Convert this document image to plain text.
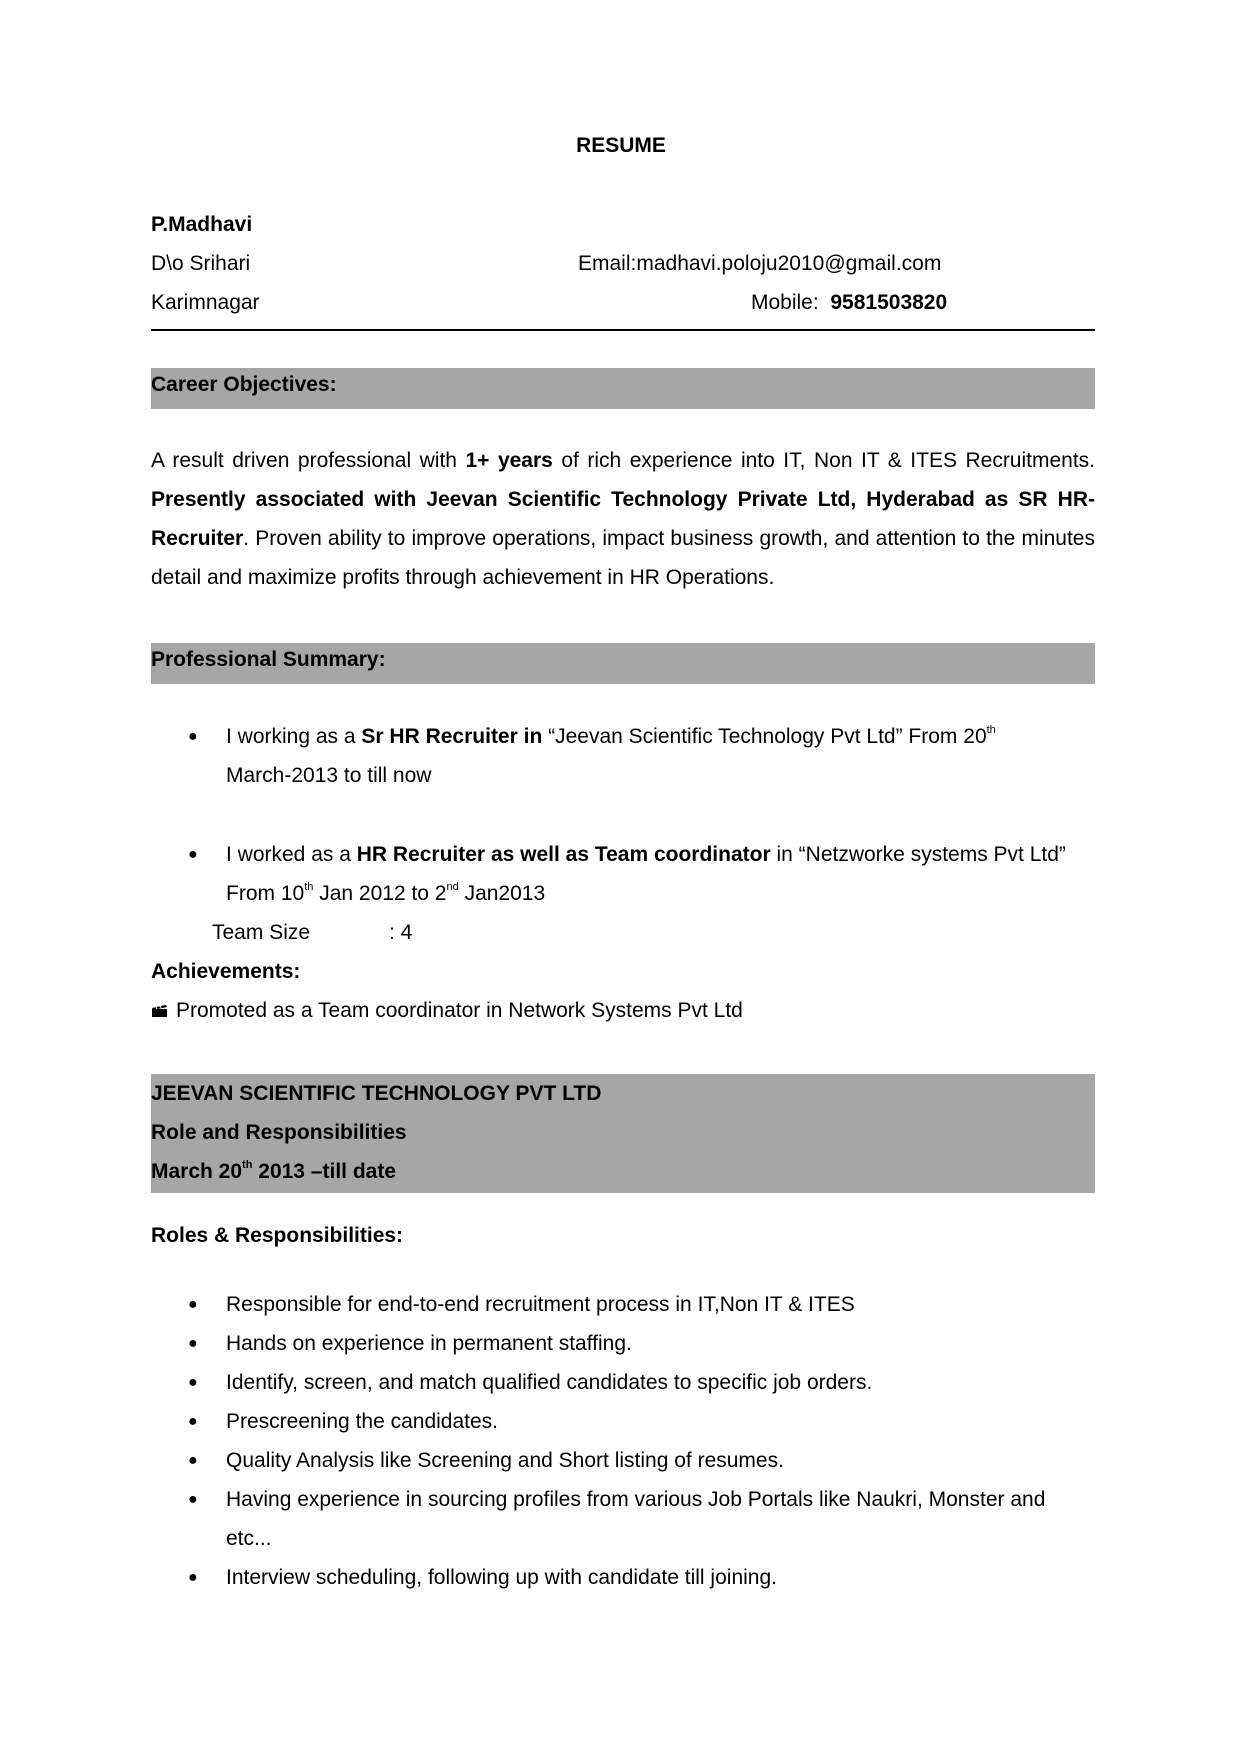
RESUME
P.Madhavi
D\o Srihari	Email:madhavi.poloju2010@gmail.com
Karimnagar	Mobile: 9581503820
Career Objectives:
A result driven professional with 1+ years of rich experience into IT, Non IT & ITES Recruitments. Presently associated with Jeevan Scientific Technology Private Ltd, Hyderabad as SR HR-Recruiter. Proven ability to improve operations, impact business growth, and attention to the minutes detail and maximize profits through achievement in HR Operations.
Professional Summary:
● I working as a Sr HR Recruiter in “Jeevan Scientific Technology Pvt Ltd” From 20th
March-2013 to till now
● I worked as a HR Recruiter as well as Team coordinator in “Netzworke systems Pvt Ltd” From 10th Jan 2012 to 2nd Jan2013
Team Size	: 4
Achievements:
Promoted as a Team coordinator in Network Systems Pvt Ltd
JEEVAN SCIENTIFIC TECHNOLOGY PVT LTD
Role and Responsibilities
March 20th 2013 –till date
Roles & Responsibilities:
● Responsible for end-to-end recruitment process in IT,Non IT & ITES
● Hands on experience in permanent staffing.
● Identify, screen, and match qualified candidates to specific job orders.
● Prescreening the candidates.
● Quality Analysis like Screening and Short listing of resumes.
● Having experience in sourcing profiles from various Job Portals like Naukri, Monster and etc...
● Interview scheduling, following up with candidate till joining.
